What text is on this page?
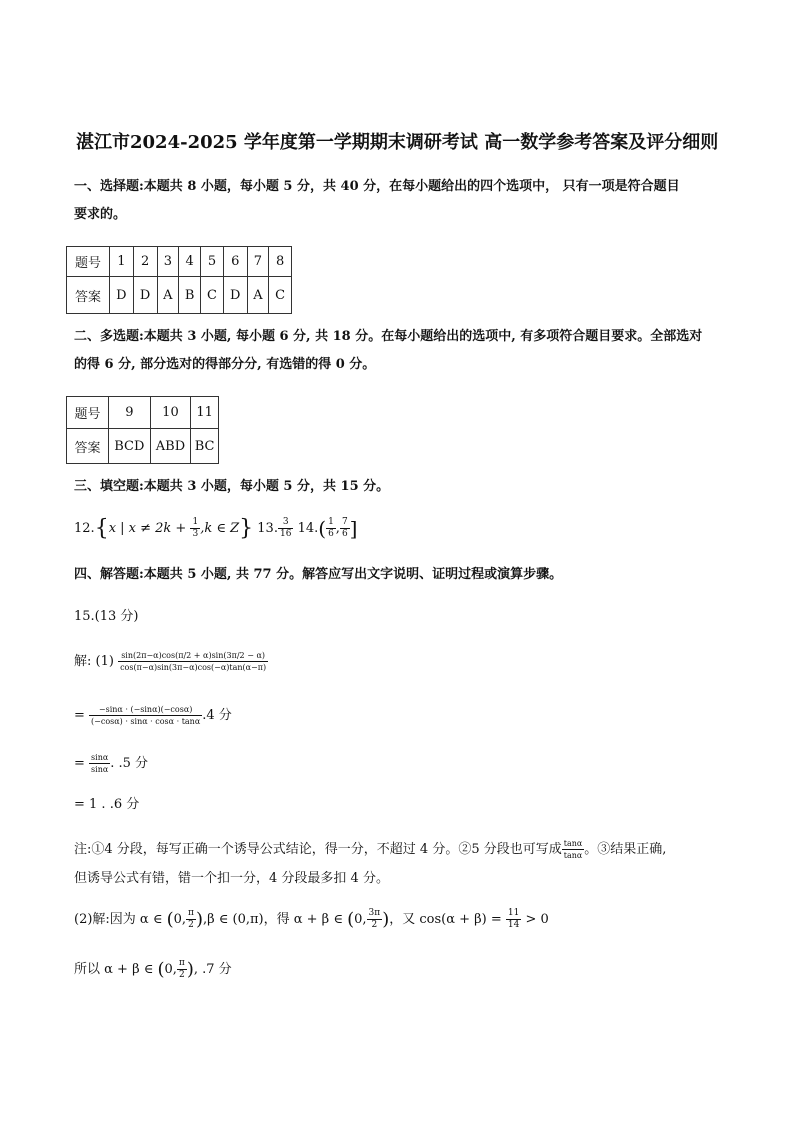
湛江市2024-2025 学年度第一学期期末调研考试 高一数学参考答案及评分细则
一、选择题:本题共 8 小题，每小题 5 分，共 40 分，在每小题给出的四个选项中， 只有一项是符合题目
要求的。
题号	1	2	3	4	5	6	7	8
答案	D	D	A	B	C	D	A	C
二、多选题:本题共 3 小题, 每小题 6 分, 共 18 分。在每小题给出的选项中, 有多项符合题目要求。全部选对
的得 6 分, 部分选对的得部分分, 有选错的得 0 分。
题号	9	10	11
答案	BCD	ABD	BC
三、填空题:本题共 3 小题，每小题 5 分，共 15 分。
12.{x | $x \ne 2k + \frac{1}{3} ,k$ ∈ Z} 13. $\frac{3}{16} 14.( \frac{1}{6}$ , $\frac{7}{6}$ ]
四、解答题:本题共 5 小题, 共 77 分。解答应写出文字说明、证明过程或演算步骤。
15.(13 分)
解: $(1) \frac{\sin(2\pi-\alpha)\cos(\pi/2 + \alpha)\sin(3\pi/2 - \alpha)}{\cos(\pi-\alpha)\sin(3\pi-\alpha)\cos(-\alpha)\tan(\alpha-\pi)}$
= $\frac{-\sin\alpha \cdot (-\sin\alpha)(-\cos\alpha)}{(-\cos\alpha) \cdot \sin\alpha \cdot \cos\alpha \cdot \tan\alpha} .4$ 分
= $\frac{\sin\alpha}{\sin\alpha}$ . .5 分
= 1 . .6 分
注:①4 分段，每写正确一个诱导公式结论，得一分，不超过 4 分。②5 分段也可写成 $\frac{\tan\alpha}{\tan\alpha}$ 。③结果正确,
但诱导公式有错，错一个扣一分，4 分段最多扣 4 分。
(2)解:因为 α ∈ (0, $\frac{\pi}{2} ),\beta$ ∈ (0,π)，得 α + β ∈ (0, $\frac{3\pi}{2}$ )，又 $\cos(\alpha + \beta) = \frac{11}{14} > 0$
所以 α + β ∈ (0, $\frac{\pi}{2}$ ), .7 分
